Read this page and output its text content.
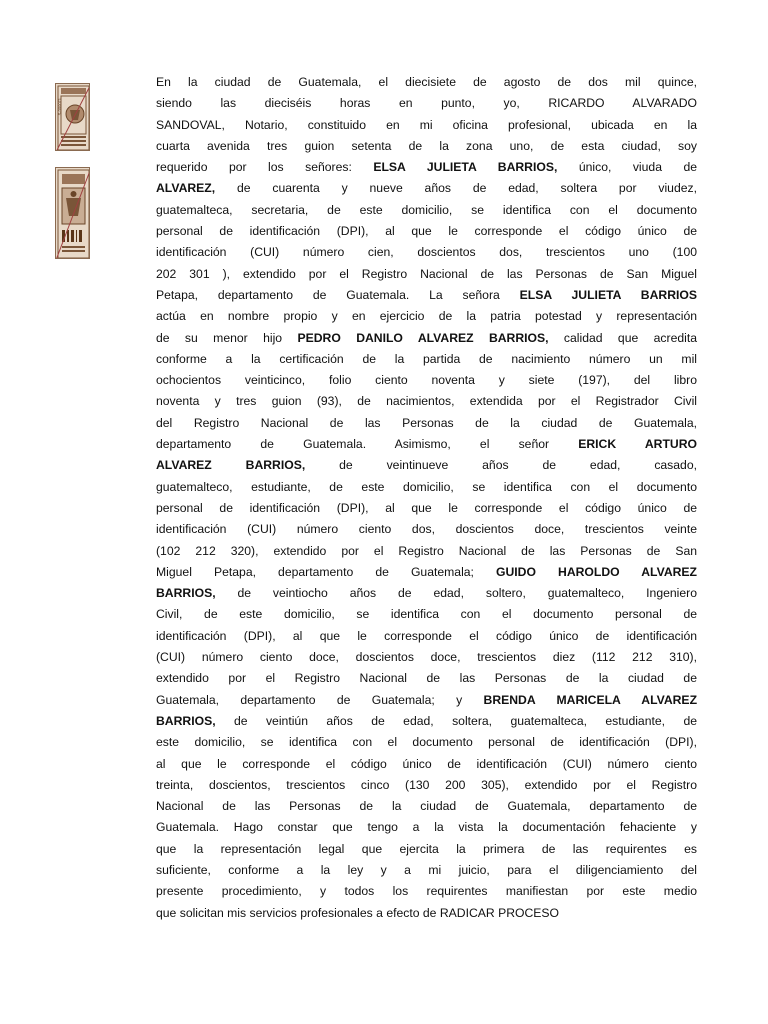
S-000071
En la ciudad de Guatemala, el diecisiete de agosto de dos mil quince,
siendo las dieciséis horas en punto, yo, RICARDO ALVARADO
SANDOVAL, Notario, constituido en mi oficina profesional, ubicada en la
cuarta avenida tres guion setenta de la zona uno, de esta ciudad, soy
requerido por los señores: ELSA JULIETA BARRIOS, único, viuda de
ALVAREZ, de cuarenta y nueve años de edad, soltera por viudez,
guatemalteca, secretaria, de este domicilio, se identifica con el documento
personal de identificación (DPI), al que le corresponde el código único de
identificación (CUI) número cien, doscientos dos, trescientos uno (100
202 301 ), extendido por el Registro Nacional de las Personas de San Miguel
Petapa, departamento de Guatemala. La señora ELSA JULIETA BARRIOS
actúa en nombre propio y en ejercicio de la patria potestad y representación
de su menor hijo PEDRO DANILO ALVAREZ BARRIOS, calidad que acredita
conforme a la certificación de la partida de nacimiento número un mil
ochocientos veinticinco, folio ciento noventa y siete (197), del libro
noventa y tres guion (93), de nacimientos, extendida por el Registrador Civil
del Registro Nacional de las Personas de la ciudad de Guatemala,
departamento de Guatemala. Asimismo, el señor ERICK ARTURO
ALVAREZ BARRIOS, de veintinueve años de edad, casado,
guatemalteco, estudiante, de este domicilio, se identifica con el documento
personal de identificación (DPI), al que le corresponde el código único de
identificación (CUI) número ciento dos, doscientos doce, trescientos veinte
(102 212 320), extendido por el Registro Nacional de las Personas de San
Miguel Petapa, departamento de Guatemala; GUIDO HAROLDO ALVAREZ
BARRIOS, de veintiocho años de edad, soltero, guatemalteco, Ingeniero
Civil, de este domicilio, se identifica con el documento personal de
identificación (DPI), al que le corresponde el código único de identificación
(CUI) número ciento doce, doscientos doce, trescientos diez (112 212 310),
extendido por el Registro Nacional de las Personas de la ciudad de
Guatemala, departamento de Guatemala; y BRENDA MARICELA ALVAREZ
BARRIOS, de veintiún años de edad, soltera, guatemalteca, estudiante, de
este domicilio, se identifica con el documento personal de identificación (DPI),
al que le corresponde el código único de identificación (CUI) número ciento
treinta, doscientos, trescientos cinco (130 200 305), extendido por el Registro
Nacional de las Personas de la ciudad de Guatemala, departamento de
Guatemala. Hago constar que tengo a la vista la documentación fehaciente y
que la representación legal que ejercita la primera de las requirentes es
suficiente, conforme a la ley y a mi juicio, para el diligenciamiento del
presente procedimiento, y todos los requirentes manifiestan por este medio
que solicitan mis servicios profesionales a efecto de RADICAR PROCESO
